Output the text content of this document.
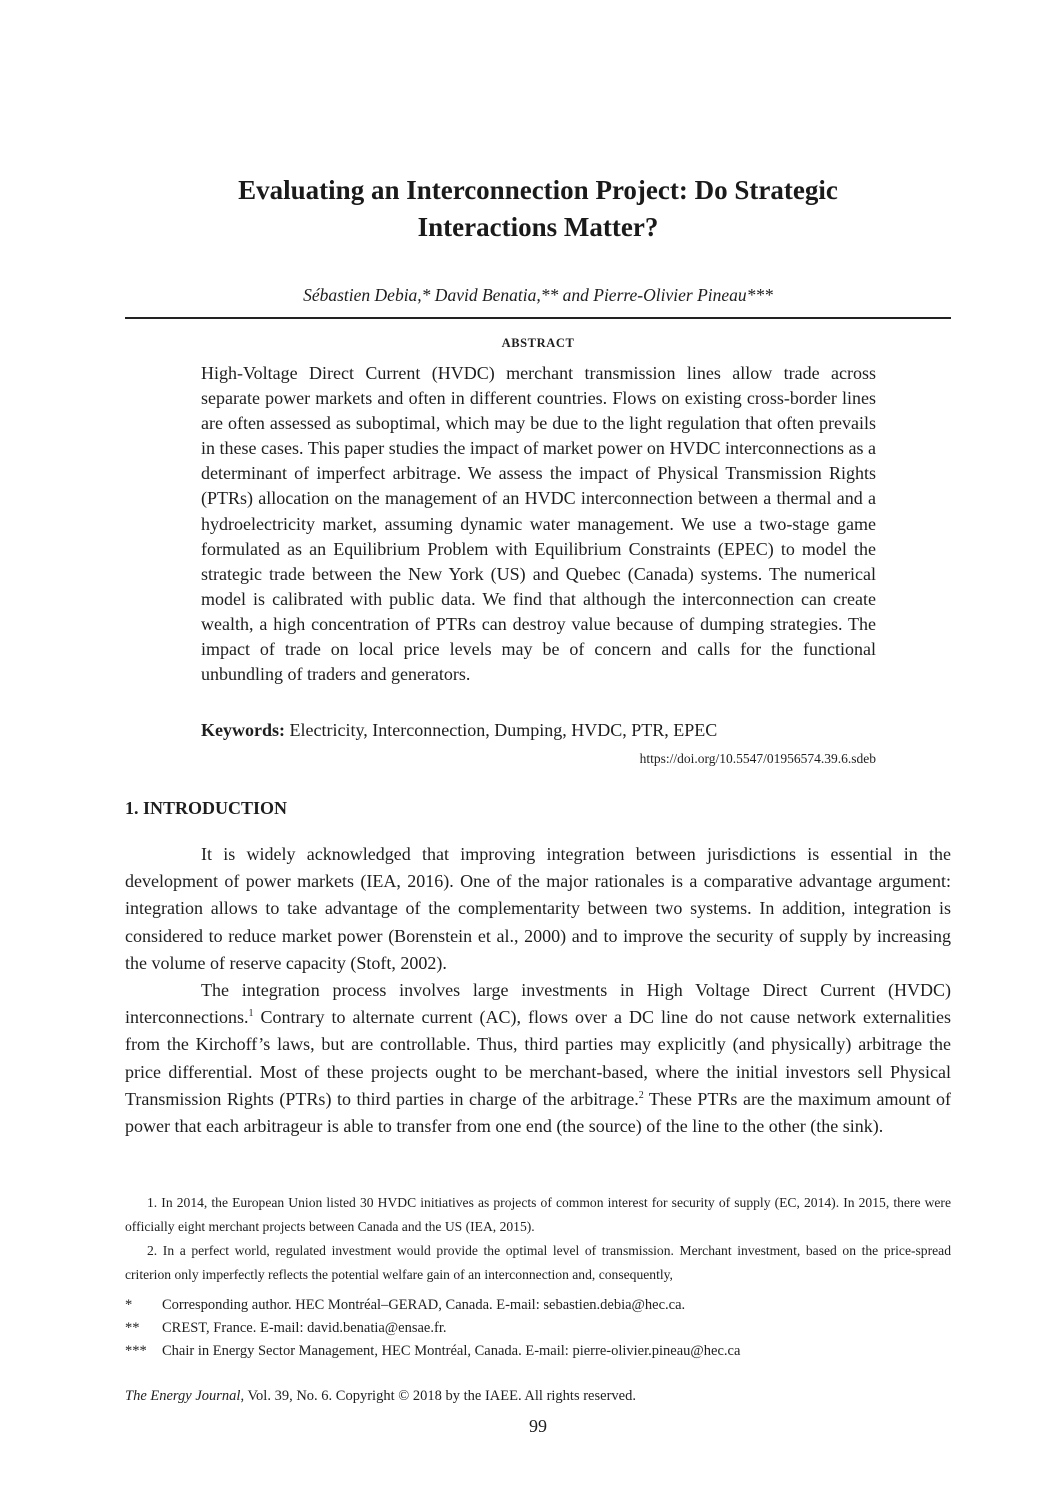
Evaluating an Interconnection Project: Do Strategic
Interactions Matter?
Sébastien Debia,* David Benatia,** and Pierre-Olivier Pineau***
ABSTRACT

High-Voltage Direct Current (HVDC) merchant transmission lines allow trade across separate power markets and often in different countries. Flows on existing cross-border lines are often assessed as suboptimal, which may be due to the light regulation that often prevails in these cases. This paper studies the impact of market power on HVDC interconnections as a determinant of imperfect arbitrage. We assess the impact of Physical Transmission Rights (PTRs) allocation on the management of an HVDC interconnection between a thermal and a hydroelectricity market, assuming dynamic water management. We use a two-stage game formulated as an Equilibrium Problem with Equilibrium Constraints (EPEC) to model the strategic trade between the New York (US) and Quebec (Canada) systems. The numerical model is calibrated with public data. We find that although the interconnection can create wealth, a high concentration of PTRs can destroy value because of dumping strategies. The impact of trade on local price levels may be of concern and calls for the functional unbundling of traders and generators.

Keywords: Electricity, Interconnection, Dumping, HVDC, PTR, EPEC
https://doi.org/10.5547/01956574.39.6.sdeb
1. INTRODUCTION

It is widely acknowledged that improving integration between jurisdictions is essential in the development of power markets (IEA, 2016). One of the major rationales is a comparative advantage argument: integration allows to take advantage of the complementarity between two systems. In addition, integration is considered to reduce market power (Borenstein et al., 2000) and to improve the security of supply by increasing the volume of reserve capacity (Stoft, 2002).

The integration process involves large investments in High Voltage Direct Current (HVDC) interconnections.$^1$ Contrary to alternate current (AC), flows over a DC line do not cause network externalities from the Kirchoff’s laws, but are controllable. Thus, third parties may explicitly (and physically) arbitrage the price differential. Most of these projects ought to be merchant-based, where the initial investors sell Physical Transmission Rights (PTRs) to third parties in charge of the arbitrage.$^2$ These PTRs are the maximum amount of power that each arbitrageur is able to transfer from one end (the source) of the line to the other (the sink).

1. In 2014, the European Union listed 30 HVDC initiatives as projects of common interest for security of supply (EC, 2014). In 2015, there were officially eight merchant projects between Canada and the US (IEA, 2015).

2. In a perfect world, regulated investment would provide the optimal level of transmission. Merchant investment, based on the price-spread criterion only imperfectly reflects the potential welfare gain of an interconnection and, consequently,

*	Corresponding author. HEC Montréal–GERAD, Canada. E-mail: sebastien.debia@hec.ca.
**	CREST, France. E-mail: david.benatia@ensae.fr.
***	Chair in Energy Sector Management, HEC Montréal, Canada. E-mail: pierre-olivier.pineau@hec.ca
The Energy Journal, Vol. 39, No. 6. Copyright © 2018 by the IAEE. All rights reserved.
99
